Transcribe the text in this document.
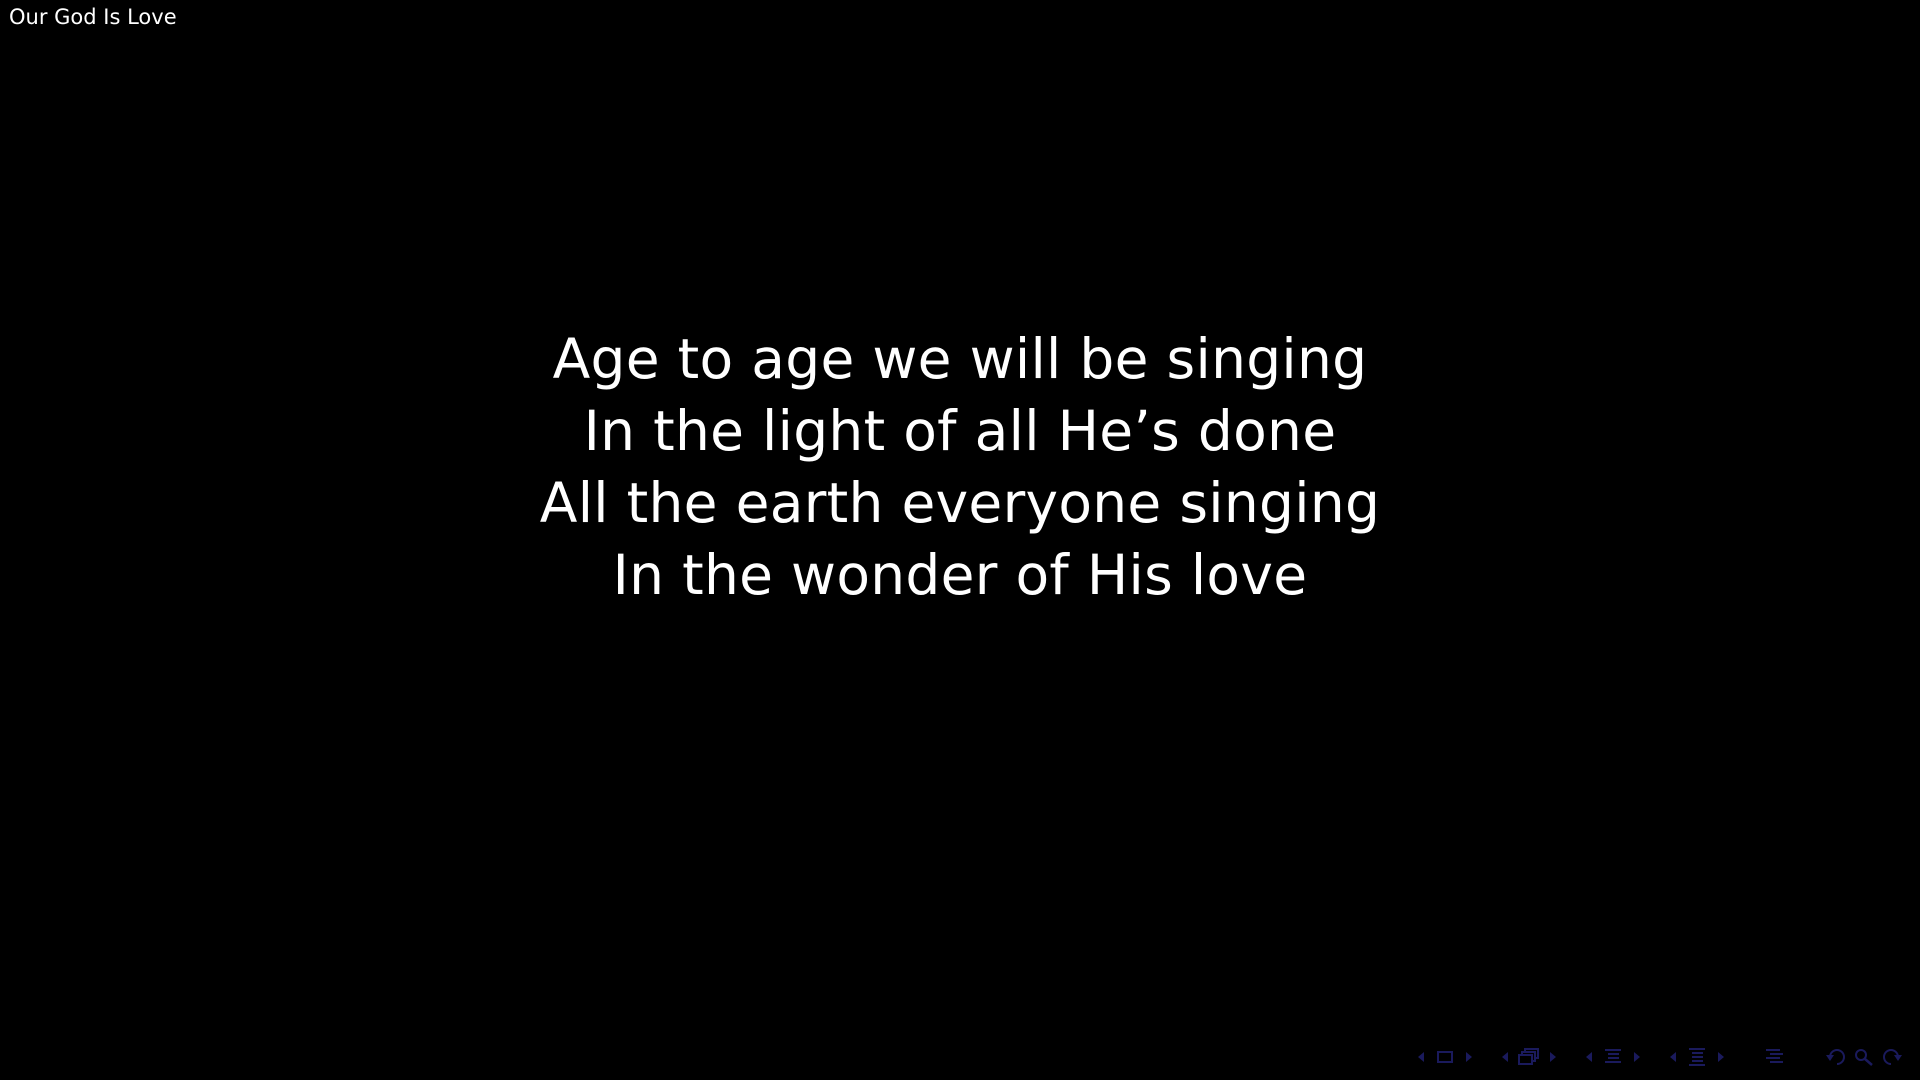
Our God Is Love
Age to age we will be singing
In the light of all He’s done
All the earth everyone singing
In the wonder of His love
